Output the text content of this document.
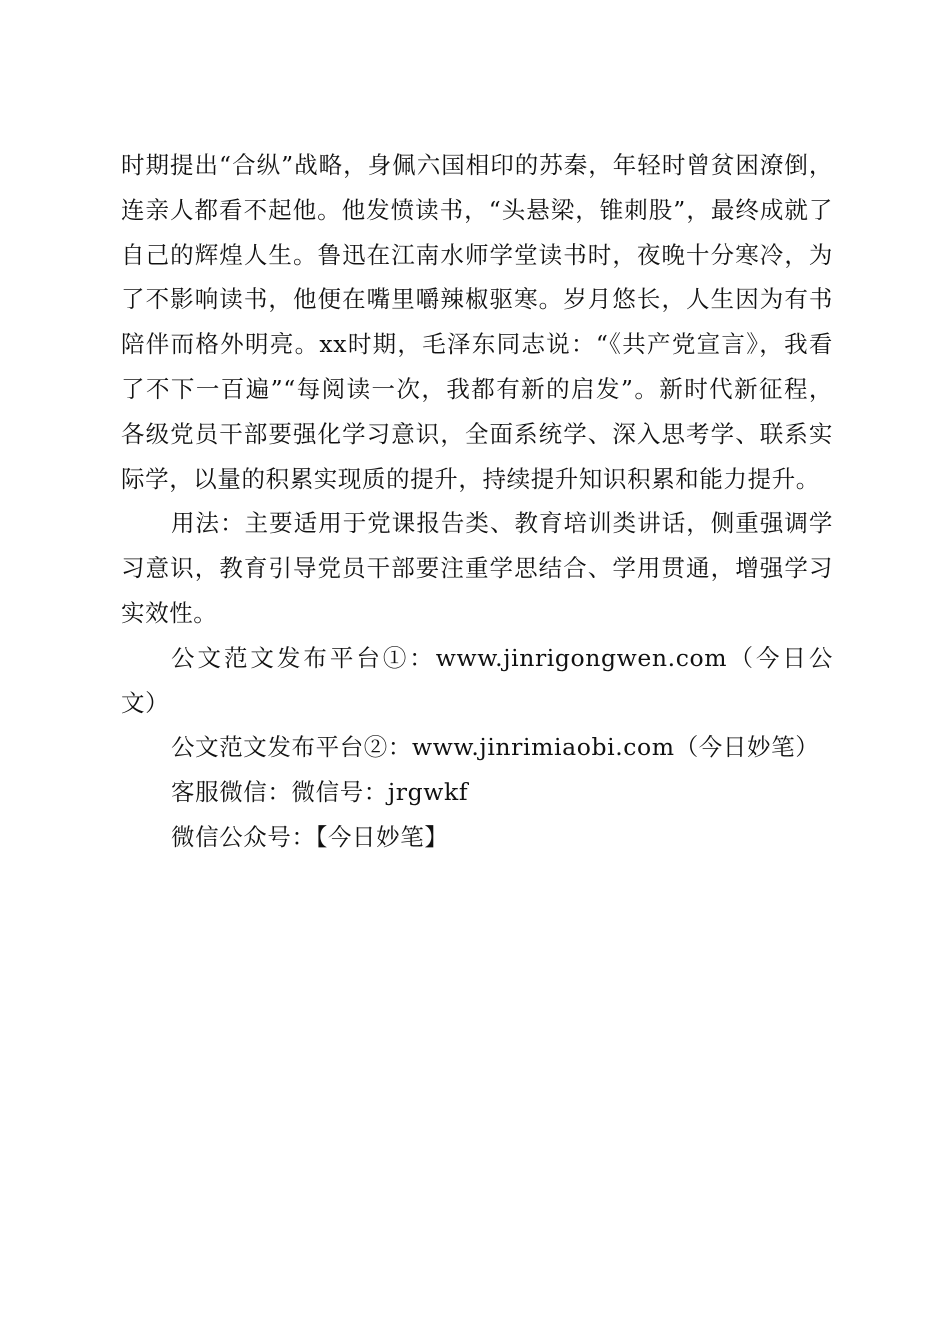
时期提出“合纵”战略，身佩六国相印的苏秦，年轻时曾贫困潦倒，连亲人都看不起他。他发愤读书，“头悬梁，锥刺股”，最终成就了自己的辉煌人生。鲁迅在江南水师学堂读书时，夜晚十分寒冷，为了不影响读书，他便在嘴里嚼辣椒驱寒。岁月悠长，人生因为有书陪伴而格外明亮。xx时期，毛泽东同志说：“《共产党宣言》，我看了不下一百遍”“每阅读一次，我都有新的启发”。新时代新征程，各级党员干部要强化学习意识，全面系统学、深入思考学、联系实际学，以量的积累实现质的提升，持续提升知识积累和能力提升。

用法：主要适用于党课报告类、教育培训类讲话，侧重强调学习意识，教育引导党员干部要注重学思结合、学用贯通，增强学习实效性。

公文范文发布平台①：www.jinrigongwen.com（今日公文）

公文范文发布平台②：www.jinrimiaobi.com（今日妙笔）

客服微信：微信号：jrgwkf

微信公众号：【今日妙笔】
